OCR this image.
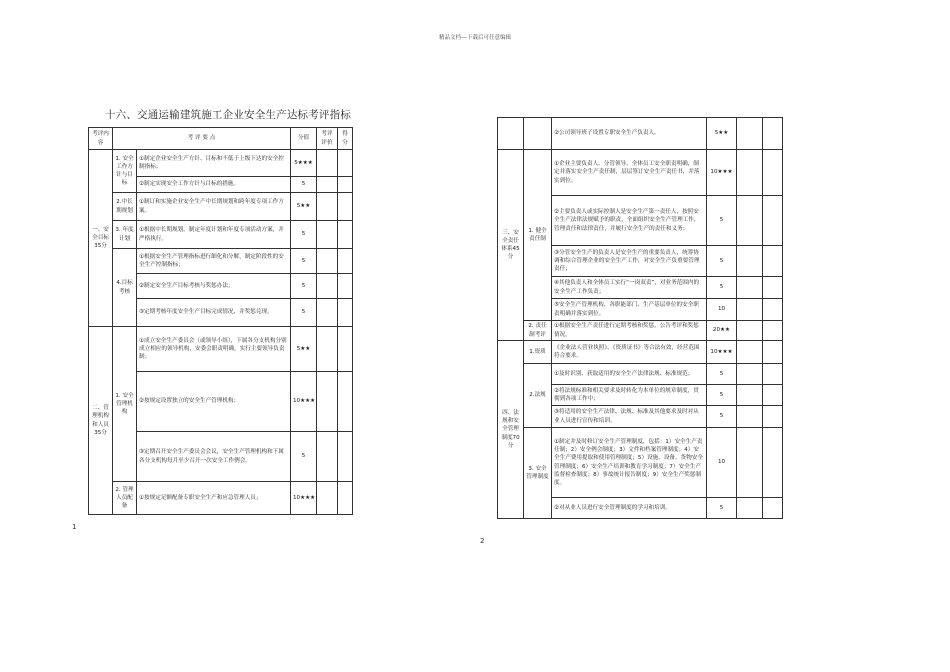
精品文档---下载后可任意编辑
十六、交通运输建筑施工企业安全生产达标考评指标
考评内容	考 评 要 点		分值	考评评价	得分
一、安全目标35分	1. 安全工作方针与目标	①制定企业安全生产方针、目标和不低于上级下达的安全控制指标；	5★★★		
		②制定实现安全工作方针与目标的措施。	5		
	2.中长期规划	①制订和实施企业安全生产中长期规划和跨年度专项工作方案。	5★★		
	3. 年度计划	①根据中长期规划，制定年度计划和年度专项活动方案，并严格执行。	5		
	4.目标考核	①根据安全生产管理指标进行細化和分解，制定阶段性的安全生产控制指标；	5		
		②制定安全生产目标考核与奖惩办法；	5		
		③定期考核年度安全生产目标完成情况，并奖惩兑现。	5		
二、管理机构和人员35分	1. 安全管理机构	①成立安全生产委员会（或领导小组），下属各分支机构分别成立相应的领导机构，安委会职责明确，实行主要领导负责制；	5★★		
		②按规定设置独立的安全生产管理机构；	10★★★		
		③定期召开安全生产委员会会议，安全生产管理机构和下属各分支机构每月至少召开一次安全工作例会。	5		
	2. 管理人员配备	①按规定足额配备专职安全生产和应急管理人员；	10★★★		
		②公司领导班子设置专职安全生产负责人。	5★★		
三、安全责任体系45分	1. 健全责任制	①企业主要负责人、分管领导、全体员工安全职责明确，制定并落实安全生产责任制，层层签订安全生产责任书，并落实到位；	10★★★		
		②主要负责人或实际控制人是安全生产第一责任人，按照安全生产法律法规赋予的职责，全面组织安全生产管理工作，管理责任和法律责任，并履行安全生产的责任和义务；	5		
		③分管安全生产的负责人是安全生产的重要负责人，统筹协调和综合管理企业的安全生产工作，对安全生产负重要管理责任；	5		
		④其他负责人和全体员工实行“一岗双责”，对业务范围内的安全生产工作负责；	5		
		⑤安全生产管理机构、各职能部门、生产基层单位的安全职责明确并落实到位。	10		
	2. 责任制考评	①根据安全生产责任进行定期考核和奖惩，公告考评和奖惩情况。	20★★		
四、法规和安全管理制度70分	1.资质	《企业法人营业执照》、《资质证书》等合法有效，经营范围符合要求。	10★★★		
	2.法规	①及时识别、获取适用的安全生产法律法规、标准规范；	5		
		②将法规标准和相关要求及时转化为本单位的规章制度，贯彻到各项工作中；	5		
		③将适用的安全生产法律、法规、标准及其他要求及时对从业人员进行宣传和培训。	5		
	3. 安全管理制度	①制定并及时修订安全生产管理制度，包括：1）安全生产责任制；2）安全例会制度；3）文件和档案管理制度；4）安全生产费用提取和使用管理制度；5）设施、设备、货物安全管理制度；6）安全生产培训和教育学习制度；7）安全生产监督检查制度；8）事故统计报告制度；9）安全生产奖惩制度。	10		
		②对从业人员进行安全管理制度的学习和培训。	5		
1
2
